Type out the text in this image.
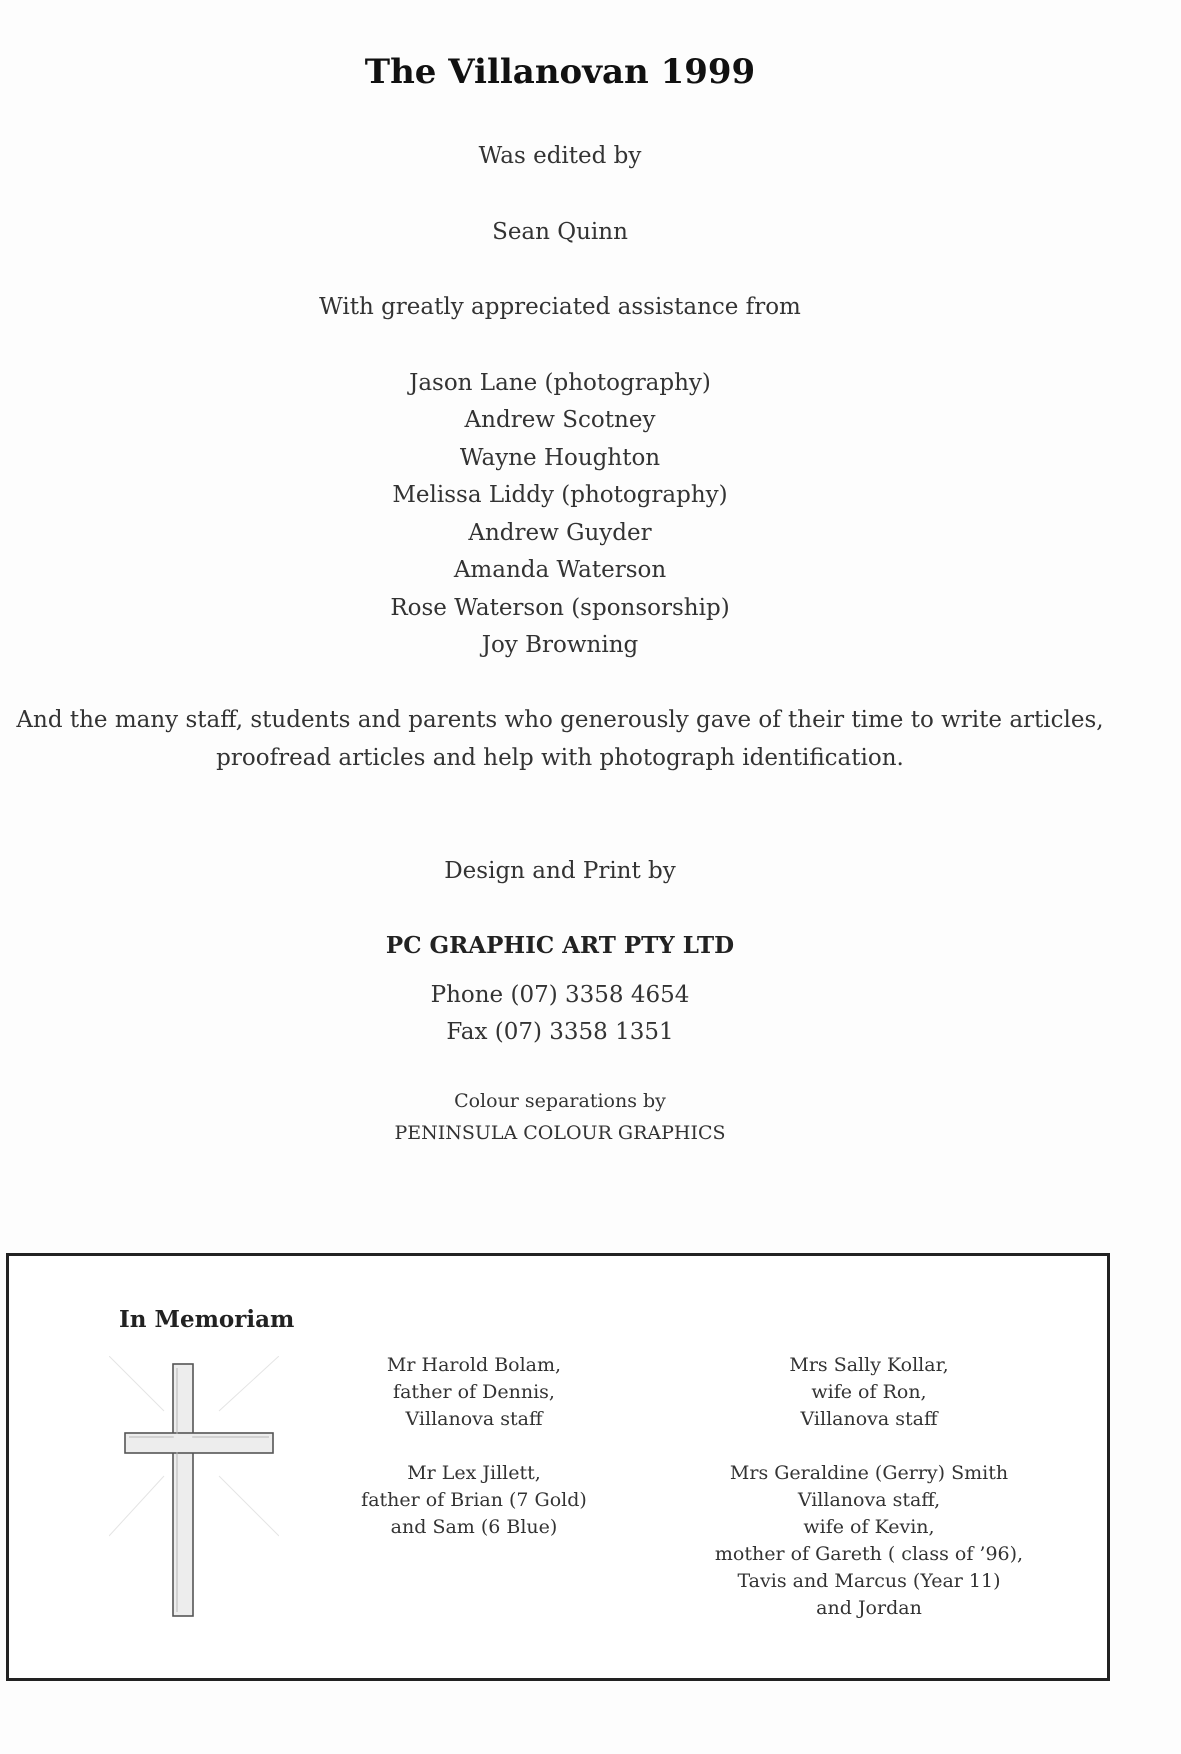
The Villanovan 1999
Was edited by
Sean Quinn
With greatly appreciated assistance from
Jason Lane (photography)
Andrew Scotney
Wayne Houghton
Melissa Liddy (photography)
Andrew Guyder
Amanda Waterson
Rose Waterson (sponsorship)
Joy Browning
And the many staff, students and parents who generously gave of their time to write articles,
proofread articles and help with photograph identification.
Design and Print by
PC GRAPHIC ART PTY LTD
Phone (07) 3358 4654
Fax (07) 3358 1351
Colour separations by
PENINSULA COLOUR GRAPHICS
In Memoriam
Mr Harold Bolam,
father of Dennis,
Villanova staff
Mr Lex Jillett,
father of Brian (7 Gold)
and Sam (6 Blue)
Mrs Sally Kollar,
wife of Ron,
Villanova staff
Mrs Geraldine (Gerry) Smith
Villanova staff,
wife of Kevin,
mother of Gareth ( class of ’96),
Tavis and Marcus (Year 11)
and Jordan
